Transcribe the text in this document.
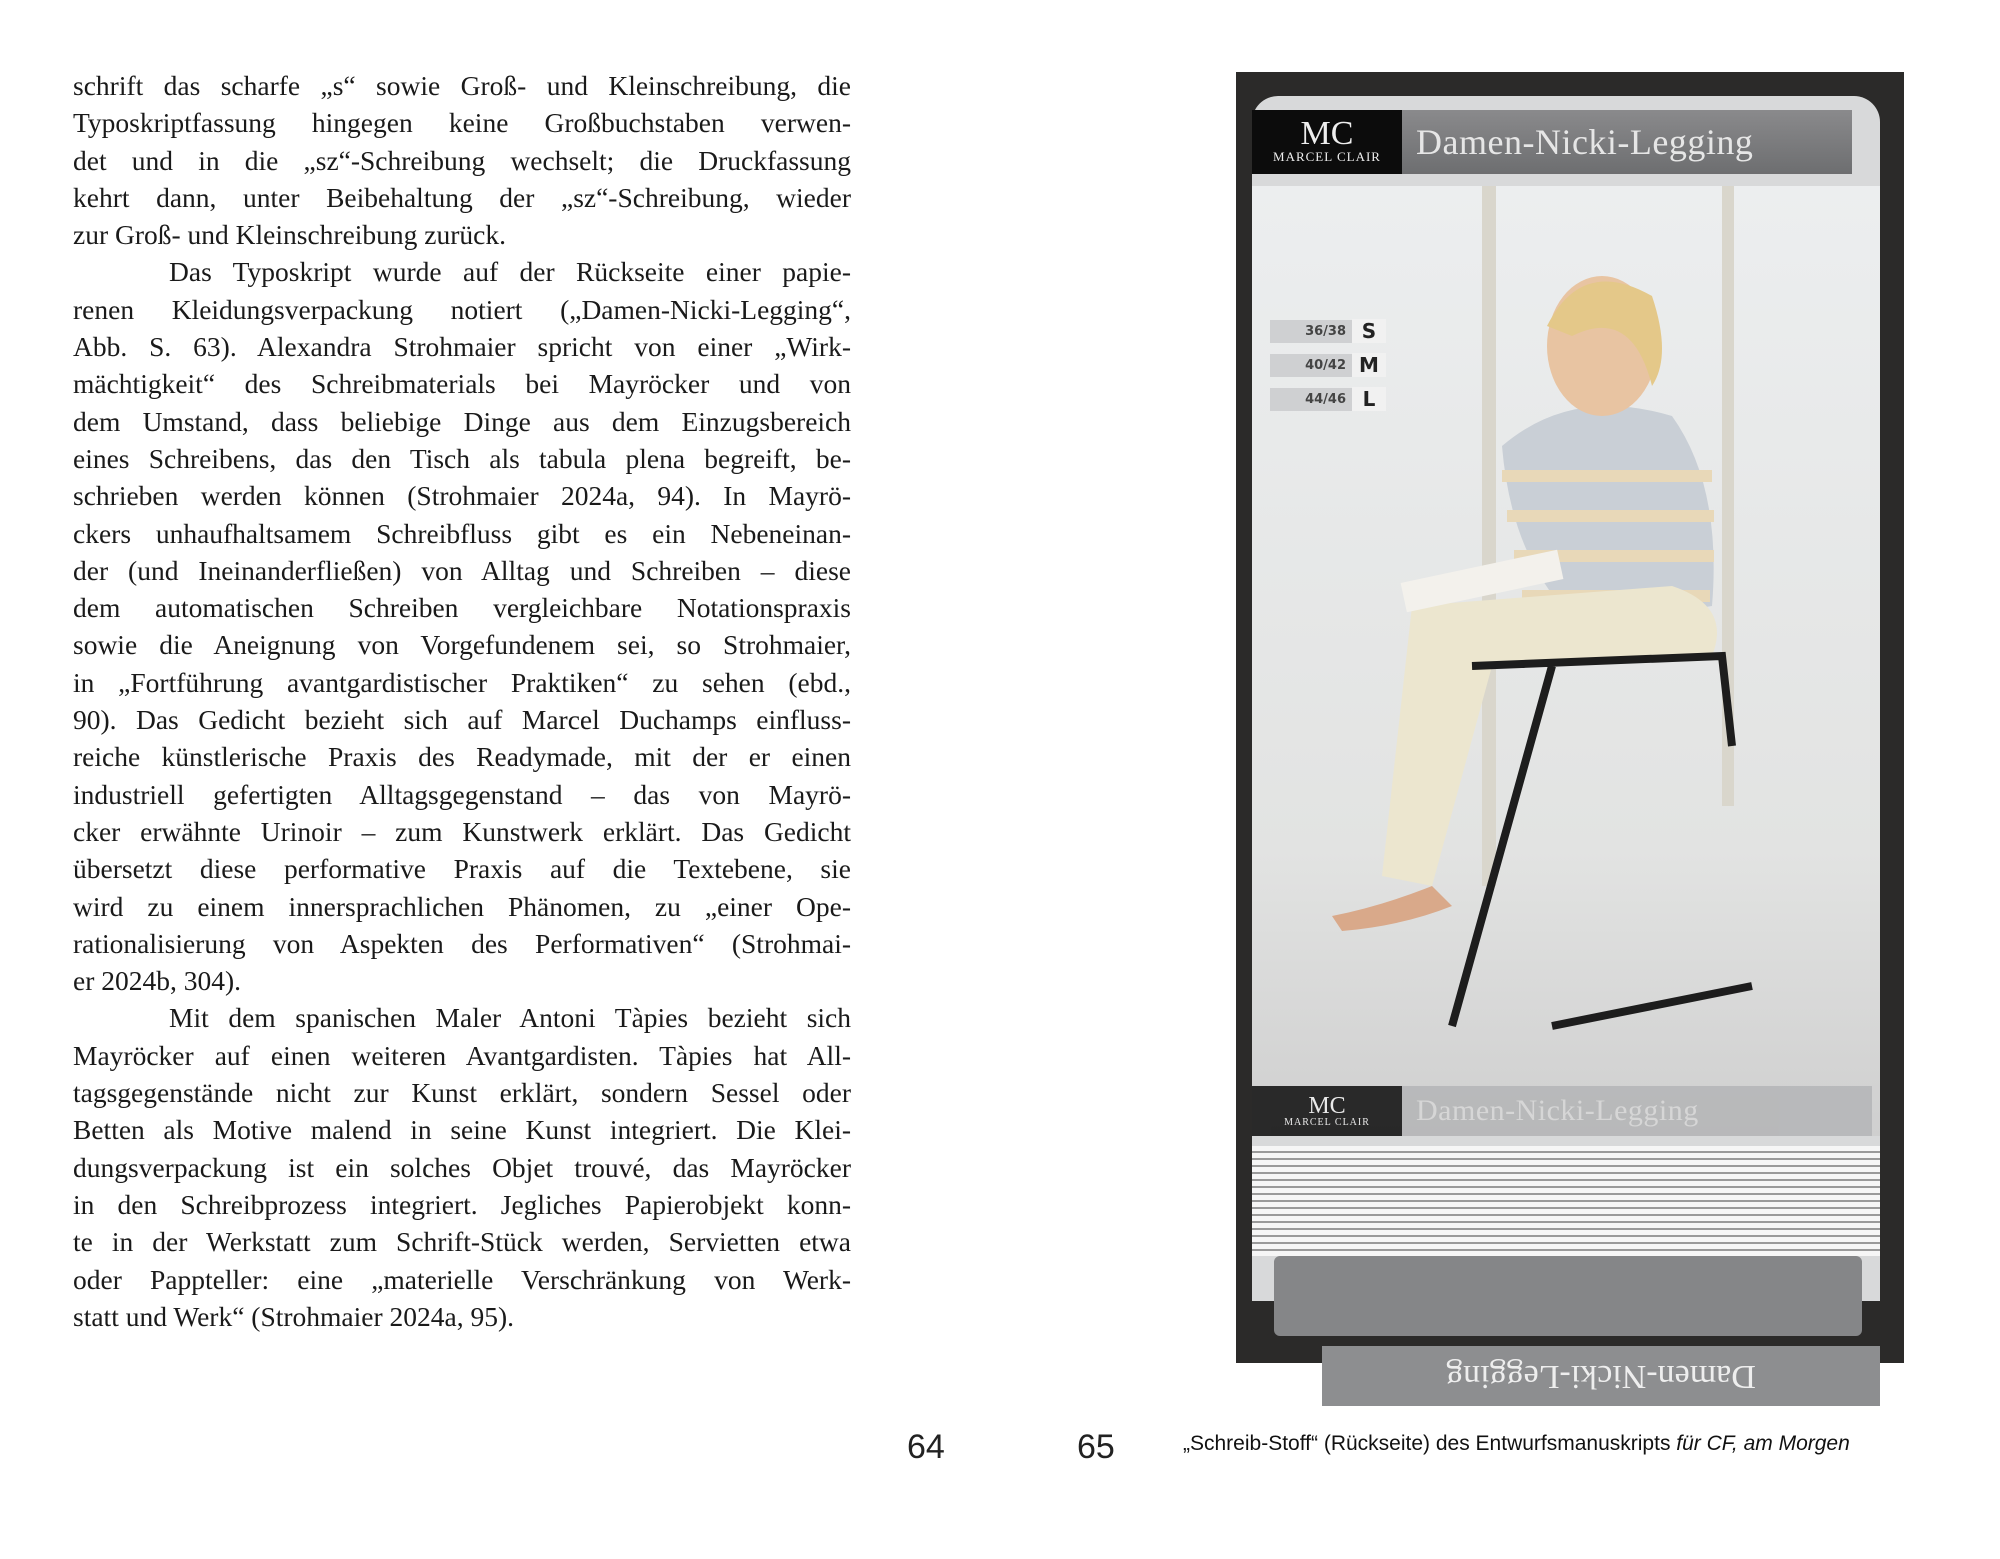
schrift das scharfe „s“ sowie Groß- und Kleinschreibung, die
Typoskriptfassung hingegen keine Großbuchstaben verwen-
det und in die „sz“-Schreibung wechselt; die Druckfassung
kehrt dann, unter Beibehaltung der „sz“-Schreibung, wieder
zur Groß- und Kleinschreibung zurück.
Das Typoskript wurde auf der Rückseite einer papie-
renen Kleidungsverpackung notiert („Damen-Nicki-Legging“,
Abb. S. 63). Alexandra Strohmaier spricht von einer „Wirk-
mächtigkeit“ des Schreibmaterials bei Mayröcker und von
dem Umstand, dass beliebige Dinge aus dem Einzugsbereich
eines Schreibens, das den Tisch als tabula plena begreift, be-
schrieben werden können (Strohmaier 2024a, 94). In Mayrö-
ckers unhaufhaltsamem Schreibfluss gibt es ein Nebeneinan-
der (und Ineinanderfließen) von Alltag und Schreiben – diese
dem automatischen Schreiben vergleichbare Notationspraxis
sowie die Aneignung von Vorgefundenem sei, so Strohmaier,
in „Fortführung avantgardistischer Praktiken“ zu sehen (ebd.,
90). Das Gedicht bezieht sich auf Marcel Duchamps einfluss-
reiche künstlerische Praxis des Readymade, mit der er einen
industriell gefertigten Alltagsgegenstand – das von Mayrö-
cker erwähnte Urinoir – zum Kunstwerk erklärt. Das Gedicht
übersetzt diese performative Praxis auf die Textebene, sie
wird zu einem innersprachlichen Phänomen, zu „einer Ope-
rationalisierung von Aspekten des Performativen“ (Strohmai-
er 2024b, 304).
Mit dem spanischen Maler Antoni Tàpies bezieht sich
Mayröcker auf einen weiteren Avantgardisten. Tàpies hat All-
tagsgegenstände nicht zur Kunst erklärt, sondern Sessel oder
Betten als Motive malend in seine Kunst integriert. Die Klei-
dungsverpackung ist ein solches Objet trouvé, das Mayröcker
in den Schreibprozess integriert. Jegliches Papierobjekt konn-
te in der Werkstatt zum Schrift-Stück werden, Servietten etwa
oder Pappteller: eine „materielle Verschränkung von Werk-
statt und Werk“ (Strohmaier 2024a, 95).
64	65	„Schreib-Stoff“ (Rückseite) des Entwurfsmanuskripts für CF, am Morgen
MC
MARCEL CLAIR Damen-Nicki-Legging
36/38 S
40/42 M
44/46 L
MC
MARCEL CLAIR	Damen-Nicki-Legging
Damen-Nicki-Legging
